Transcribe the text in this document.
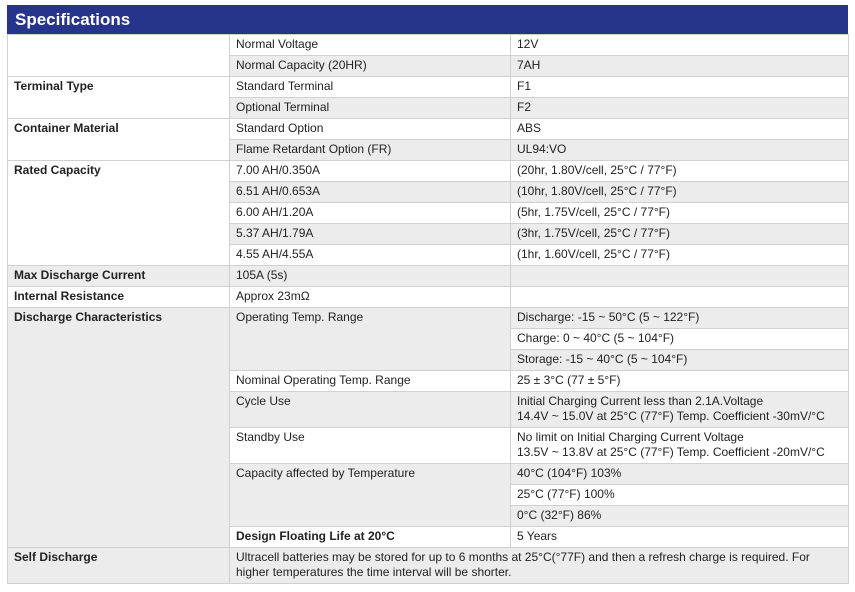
Specifications
	Normal Voltage	12V
	Normal Capacity (20HR)	7AH
Terminal Type	Standard Terminal	F1
	Optional Terminal	F2
Container Material	Standard Option	ABS
	Flame Retardant Option (FR)	UL94:VO
Rated Capacity	7.00 AH/0.350A	(20hr, 1.80V/cell, 25°C / 77°F)
	6.51 AH/0.653A	(10hr, 1.80V/cell, 25°C / 77°F)
	6.00 AH/1.20A	(5hr, 1.75V/cell, 25°C / 77°F)
	5.37 AH/1.79A	(3hr, 1.75V/cell, 25°C / 77°F)
	4.55 AH/4.55A	(1hr, 1.60V/cell, 25°C / 77°F)
Max Discharge Current	105A (5s)	
Internal Resistance	Approx 23mΩ	
Discharge Characteristics	Operating Temp. Range	Discharge: -15 ~ 50°C (5 ~ 122°F)
		Charge: 0 ~ 40°C (5 ~ 104°F)
		Storage: -15 ~ 40°C (5 ~ 104°F)
	Nominal Operating Temp. Range	25 ± 3°C (77 ± 5°F)
	Cycle Use	Initial Charging Current less than 2.1A.Voltage
14.4V ~ 15.0V at 25°C (77°F) Temp. Coefficient -30mV/°C

	Standby Use	No limit on Initial Charging Current Voltage
13.5V ~ 13.8V at 25°C (77°F) Temp. Coefficient -20mV/°C

	Capacity affected by Temperature	40°C (104°F) 103%
		25°C (77°F) 100%
		0°C (32°F) 86%
	Design Floating Life at 20°C	5 Years
Self Discharge	Ultracell batteries may be stored for up to 6 months at 25°C(°77F) and then a refresh charge is required. For
higher temperatures the time interval will be shorter.	
